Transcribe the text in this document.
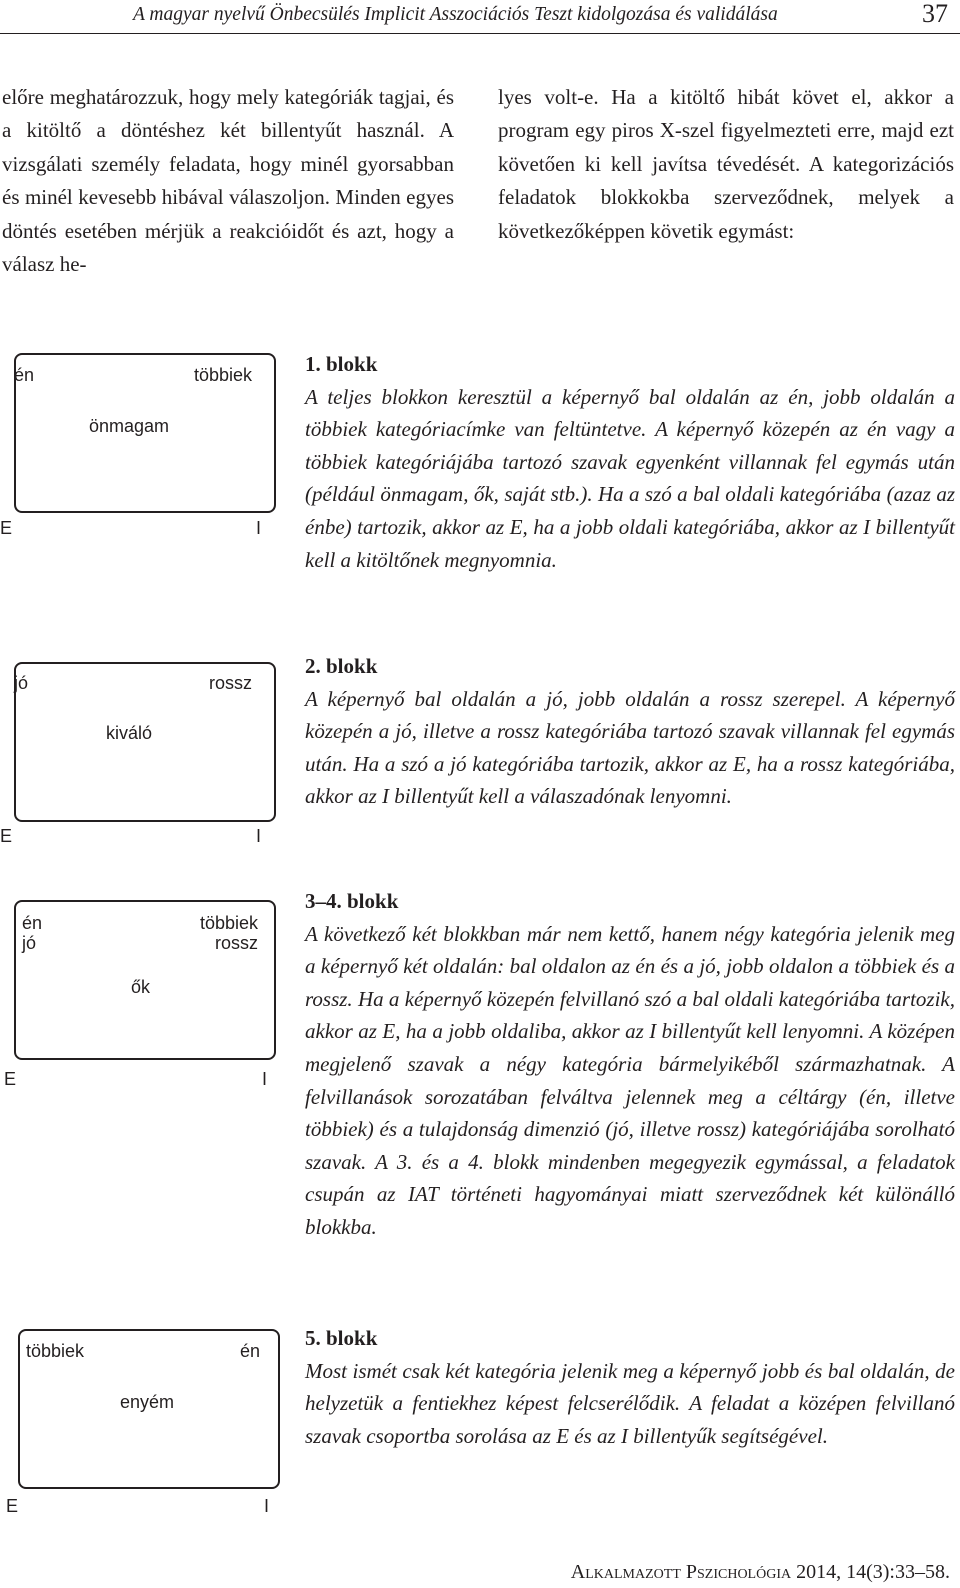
A magyar nyelvű Önbecsülés Implicit Asszociációs Teszt kidolgozása és validálása	37
előre meghatározzuk, hogy mely kategóriák tagjai, és a kitöltő a döntéshez két billentyűt használ. A vizsgálati személy feladata, hogy minél gyorsabban és minél kevesebb hibával válaszoljon. Minden egyes döntés esetében mérjük a reakcióidőt és azt, hogy a válasz he-
lyes volt-e. Ha a kitöltő hibát követ el, akkor a program egy piros X-szel figyelmezteti erre, majd ezt követően ki kell javítsa tévedését. A kategorizációs feladatok blokkokba szerveződnek, melyek a következőképpen követik egymást:
én	többiek
önmagam
E	I
jó	rossz
kiváló
E	I
én
jó
többiek
rossz
ők
E	I
többiek	én
enyém
E	I
1. blokk
A teljes blokkon keresztül a képernyő bal oldalán az én, jobb oldalán a többiek kategóriacímke van feltüntetve. A képernyő közepén az én vagy a többiek kategóriájába tartozó szavak egyenként villannak fel egymás után (például önmagam, ők, saját stb.). Ha a szó a bal oldali kategóriába (azaz az énbe) tartozik, akkor az E, ha a jobb oldali kategóriába, akkor az I billentyűt kell a kitöltőnek megnyomnia.
2. blokk
A képernyő bal oldalán a jó, jobb oldalán a rossz szerepel. A képernyő közepén a jó, illetve a rossz kategóriába tartozó szavak villannak fel egymás után. Ha a szó a jó kategóriába tartozik, akkor az E, ha a rossz kategóriába, akkor az I billentyűt kell a válaszadónak lenyomni.
3–4. blokk
A következő két blokkban már nem kettő, hanem négy kategória jelenik meg a képernyő két oldalán: bal oldalon az én és a jó, jobb oldalon a többiek és a rossz. Ha a képernyő közepén felvillanó szó a bal oldali kategóriába tartozik, akkor az E, ha a jobb oldaliba, akkor az I billentyűt kell lenyomni. A középen megjelenő szavak a négy kategória bármelyikéből származhatnak. A felvillanások sorozatában felváltva jelennek meg a céltárgy (én, illetve többiek) és a tulajdonság dimenzió (jó, illetve rossz) kategóriájába sorolható szavak. A 3. és a 4. blokk mindenben megegyezik egymással, a feladatok csupán az IAT történeti hagyományai miatt szerveződnek két különálló blokkba.
5. blokk
Most ismét csak két kategória jelenik meg a képernyő jobb és bal oldalán, de helyzetük a fentiekhez képest felcserélődik. A feladat a középen felvillanó szavak csoportba sorolása az E és az I billentyűk segítségével.
Alkalmazott Pszichológia 2014, 14(3):33–58.
